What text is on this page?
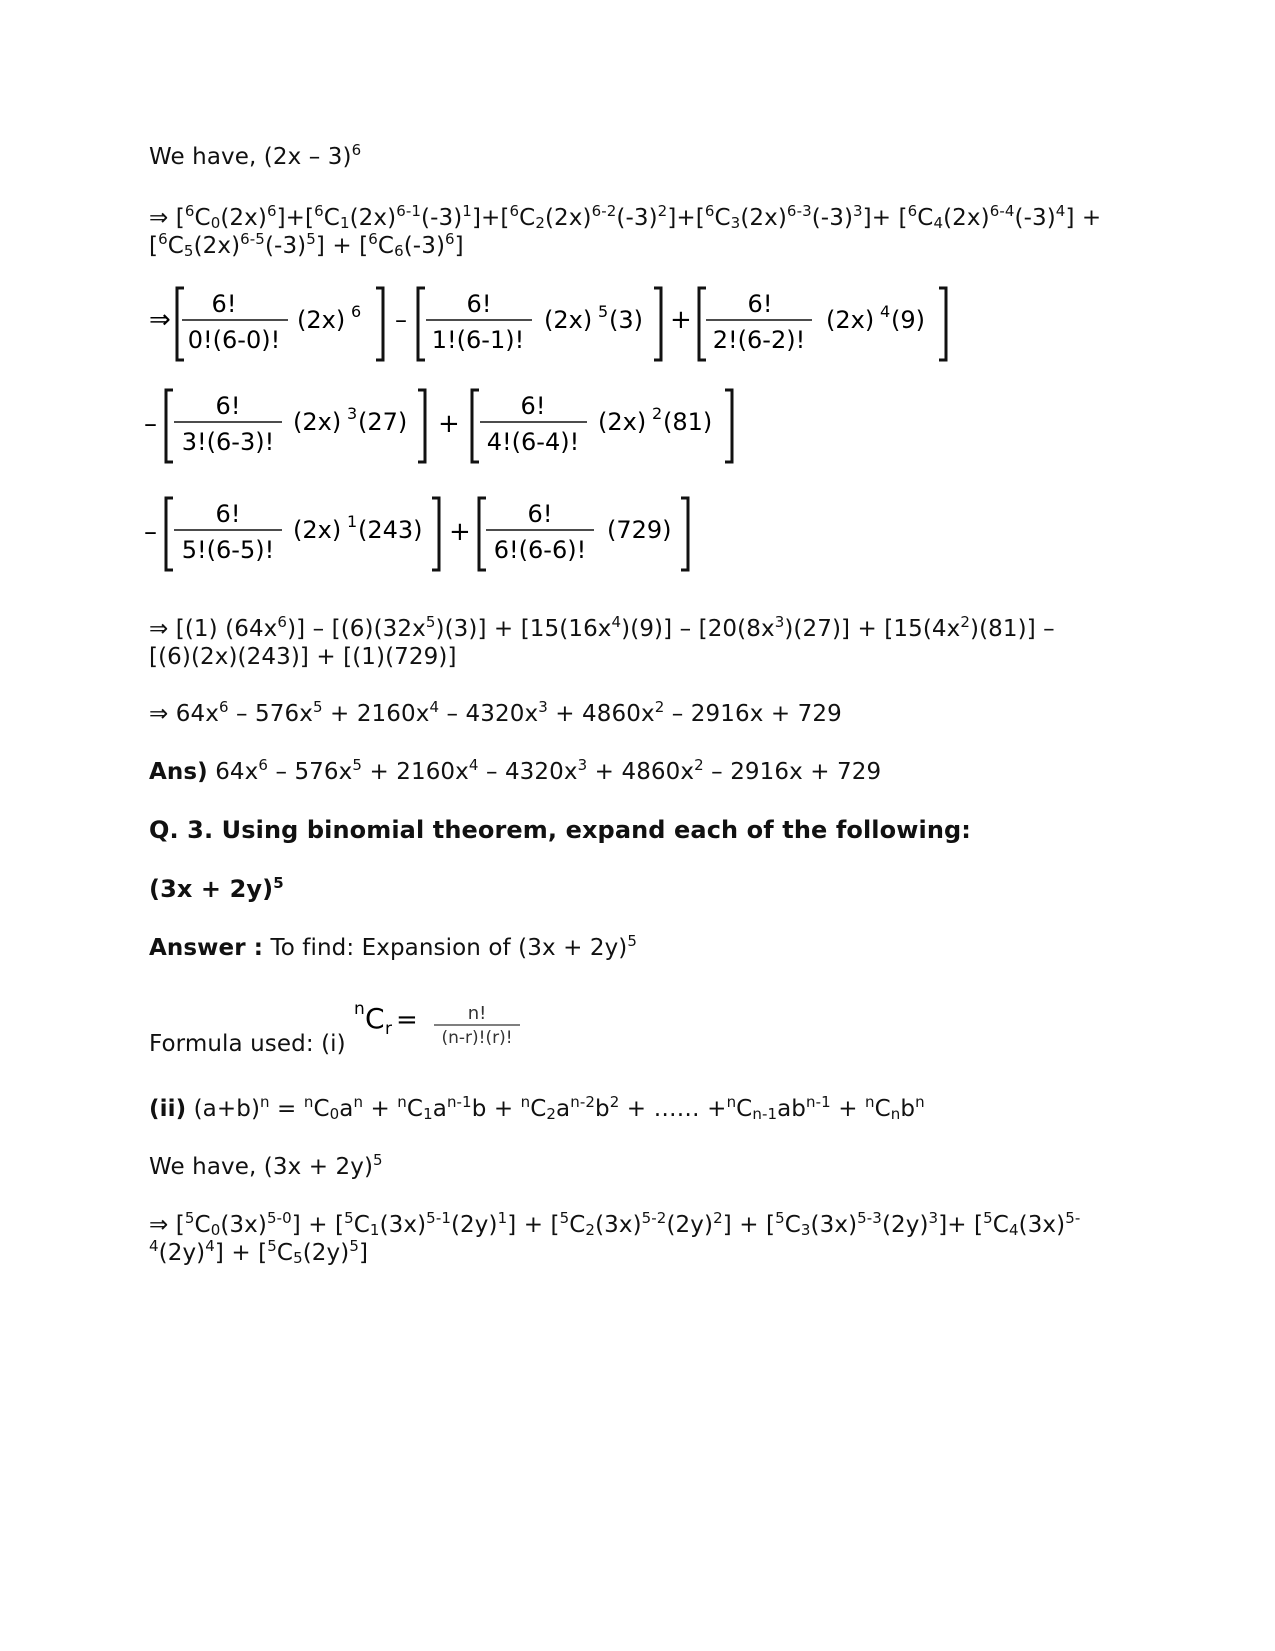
We have, (2x – 3)$^6$
⇒ $[^6C_0(2x)^6]+[^6C_1(2x)^{6-1}(-3)^1]+[^6C_2(2x)^{6-2}(-3)^2]+[^6C_3(2x)^{6-3}(-3)^3]+ [^6C_4(2x)^{6-4}(-3)^4]$ +
$[^6C_5(2x)^{6-5}(-3)^5] + [^6C_6(-3)^6]$
⇒
6!
0!(6-0)!
(2x) 6 –
6!
1!(6-1)!
(2x) 5 (3) +
6!
2!(6-2)!
(2x) 4 (9)
–
6!
3!(6-3)!
(2x) 3 (27) +
6!
4!(6-4)!
(2x) 2 (81)
–
6!
5!(6-5)!
(2x) 1 (243) +
6!
6!(6-6)!
(729)
⇒ [(1) $(64x^6)] - [(6)(32x^5)(3)] + [15(16x^4)(9)] - [20(8x^3)(27)] + [15(4x^2)(81)]$ –
[(6)(2x)(243)] + [(1)(729)]
⇒ $64x^6 - 576x^5 + 2160x^4 - 4320x^3 + 4860x^2 - 2916x + 729$
Ans) $64x^6 - 576x^5 + 2160x^4 - 4320x^3 + 4860x^2 - 2916x + 729$
Q. 3. Using binomial theorem, expand each of the following:
$(3x + 2y)^5$
Answer : To find: Expansion of $(3x + 2y)^5$
Formula used: (i)
n C r =	n!
(n-r)!(r)!
(ii) $(a+b)^n = ^nC_0a^n + ^nC_1a^{n-1}b + ^nC_2a^{n-2}b^2$ + …… $+^nC_{n-1}ab^{n-1} + ^nC_nb^n$
We have, $(3x + 2y)^5$
⇒ $[^5C_0(3x)^{5-0}] + [^5C_1(3x)^{5-1}(2y)^1] + [^5C_2(3x)^{5-2}(2y)^2] + [^5C_3(3x)^{5-3}(2y)^3]+ [^5C_4(3x)^{5-}$
$^4(2y)^4] + [^5C_5(2y)^5]$
